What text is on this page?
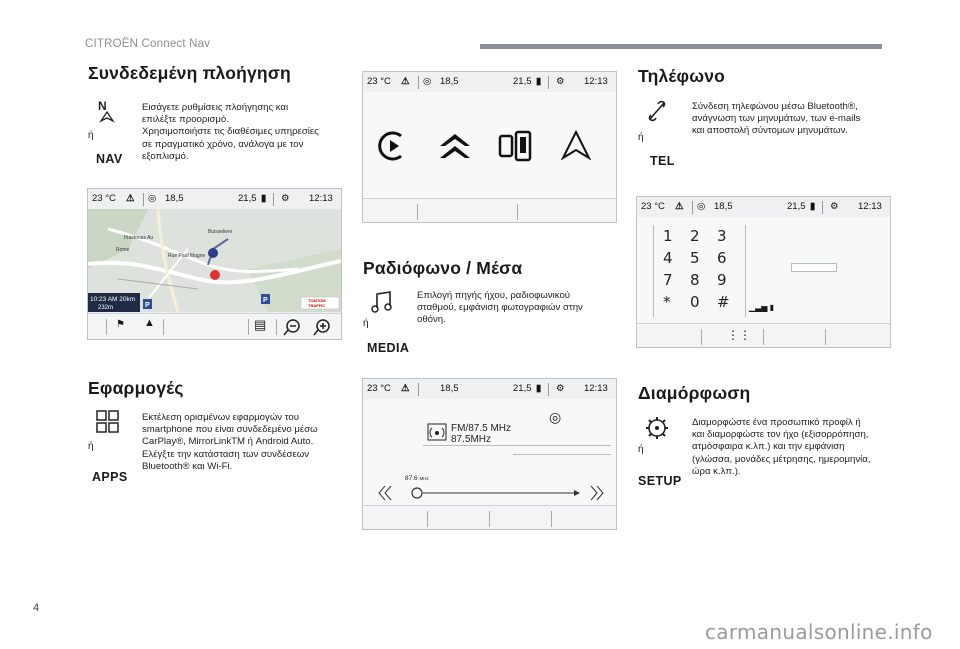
CITROËN Connect Nav
Συνδεδεμένη πλοήγηση
N
ή
NAV
Εισάγετε ρυθμίσεις πλοήγησης και
επιλέξτε προορισμό.
Χρησιμοποιήστε τις διαθέσιμες υπηρεσίες
σε πραγματικό χρόνο, ανάλογα με τον
εξοπλισμό.
23 °C ⚠ ◎ 18,5	21,5 ▮ ⚙ 12:13
Ifrastonas Au
Buisseliere
Romé
Rue Paul Magne
10:23 AM 20km
232m	P
P	TOMTOM
TRAFFIC
⚑ ▲	▤
Εφαρμογές
ή
APPS
Εκτέλεση ορισμένων εφαρμογών του
smartphone που είναι συνδεδεμένο μέσω
CarPlay®, MirrorLinkTM ή Android Auto.
Ελέγξτε την κατάσταση των συνδέσεων
Bluetooth® και Wi-Fi.
23 °C ⚠ ◎ 18,5	21,5 ▮ ⚙ 12:13
Ραδιόφωνο / Μέσα
ή
MEDIA
Επιλογή πηγής ήχου, ραδιοφωνικού
σταθμού, εμφάνιση φωτογραφιών στην
οθόνη.
23 °C ⚠	18,5	21,5 ▮ ⚙ 12:13
◎
FM/87.5 MHz
87.5MHz
87.6 MHz
Τηλέφωνο
ή
TEL
Σύνδεση τηλεφώνου μέσω Bluetooth®,
ανάγνωση των μηνυμάτων, των e-mails
και αποστολή σύντομων μηνυμάτων.
23 °C ⚠ ◎ 18,5	21,5 ▮ ⚙ 12:13
1 2 3
4 5 6
7 8 9
* 0 # ▁▃▅ ▮
⋮⋮
Διαμόρφωση
ή
SETUP
Διαμορφώστε ένα προσωπικό προφίλ ή
και διαμορφώστε τον ήχο (εξισορρόπηση,
ατμόσφαιρα κ.λπ.) και την εμφάνιση
(γλώσσα, μονάδες μέτρησης, ημερομηνία,
ώρα κ.λπ.).
4
carmanualsonline.info
